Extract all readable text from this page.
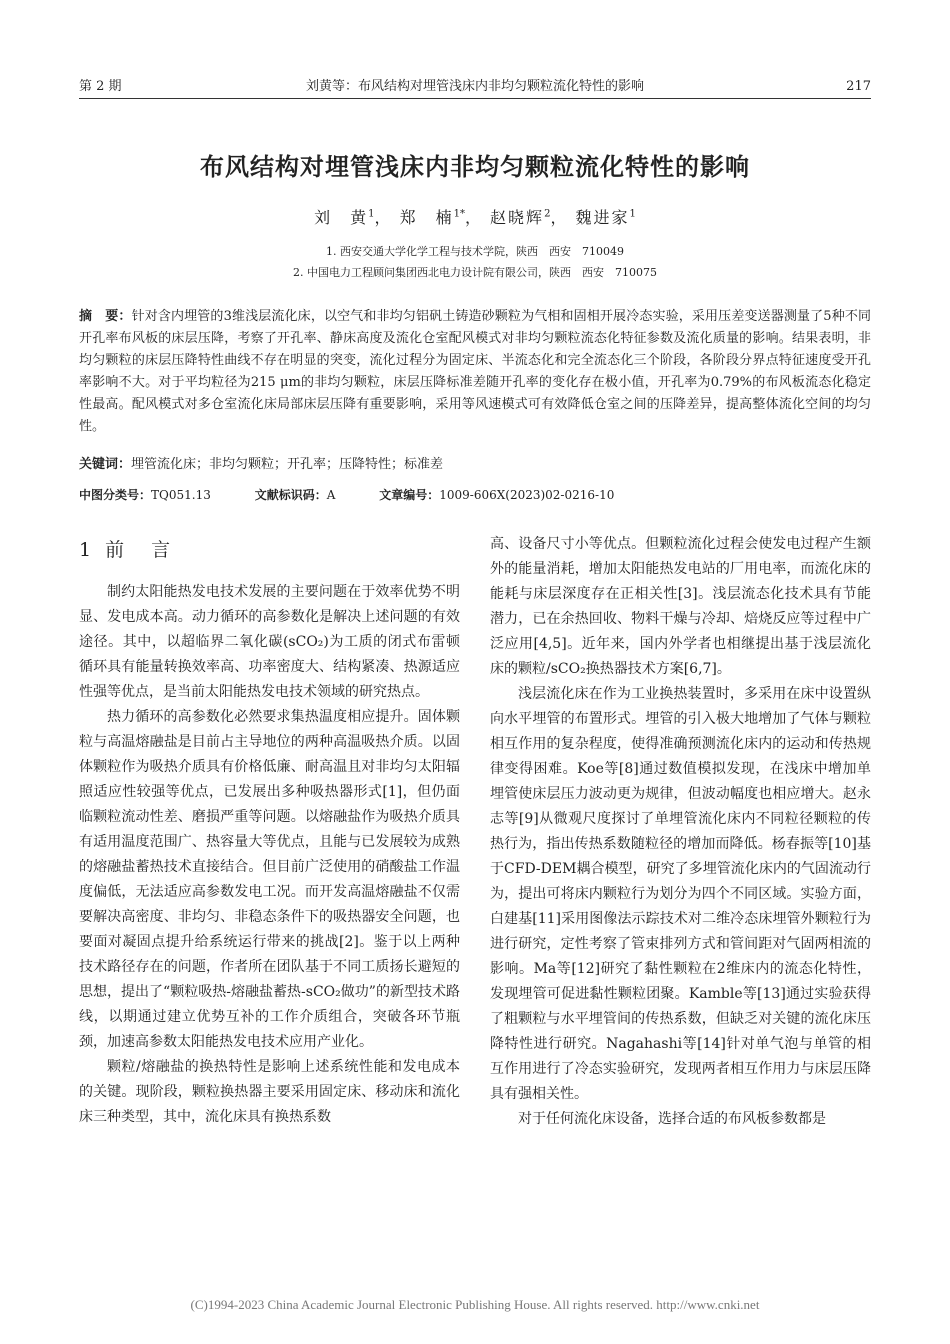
第 2 期	刘黄等：布风结构对埋管浅床内非均匀颗粒流化特性的影响	217
布风结构对埋管浅床内非均匀颗粒流化特性的影响
刘　黄$^1$， 郑　楠$^{1*}$， 赵晓辉$^2$， 魏进家$^1$
1. 西安交通大学化学工程与技术学院，陕西　西安　710049
2. 中国电力工程顾问集团西北电力设计院有限公司，陕西　西安　710075
摘　要：针对含内埋管的3维浅层流化床，以空气和非均匀铝矾土铸造砂颗粒为气相和固相开展冷态实验，采用压差变送器测量了5种不同开孔率布风板的床层压降，考察了开孔率、静床高度及流化仓室配风模式对非均匀颗粒流态化特征参数及流化质量的影响。结果表明，非均匀颗粒的床层压降特性曲线不存在明显的突变，流化过程分为固定床、半流态化和完全流态化三个阶段，各阶段分界点特征速度受开孔率影响不大。对于平均粒径为215 μm的非均匀颗粒，床层压降标准差随开孔率的变化存在极小值，开孔率为0.79%的布风板流态化稳定性最高。配风模式对多仓室流化床局部床层压降有重要影响，采用等风速模式可有效降低仓室之间的压降差异，提高整体流化空间的均匀性。
关键词：埋管流化床；非均匀颗粒；开孔率；压降特性；标准差
中图分类号：TQ051.13	文献标识码：A	文章编号：1009-606X(2023)02-0216-10
1 前　言

制约太阳能热发电技术发展的主要问题在于效率优势不明显、发电成本高。动力循环的高参数化是解决上述问题的有效途径。其中，以超临界二氧化碳(sCO₂)为工质的闭式布雷顿循环具有能量转换效率高、功率密度大、结构紧凑、热源适应性强等优点，是当前太阳能热发电技术领域的研究热点。

热力循环的高参数化必然要求集热温度相应提升。固体颗粒与高温熔融盐是目前占主导地位的两种高温吸热介质。以固体颗粒作为吸热介质具有价格低廉、耐高温且对非均匀太阳辐照适应性较强等优点，已发展出多种吸热器形式[1]，但仍面临颗粒流动性差、磨损严重等问题。以熔融盐作为吸热介质具有适用温度范围广、热容量大等优点，且能与已发展较为成熟的熔融盐蓄热技术直接结合。但目前广泛使用的硝酸盐工作温度偏低，无法适应高参数发电工况。而开发高温熔融盐不仅需要解决高密度、非均匀、非稳态条件下的吸热器安全问题，也要面对凝固点提升给系统运行带来的挑战[2]。鉴于以上两种技术路径存在的问题，作者所在团队基于不同工质扬长避短的思想，提出了“颗粒吸热-熔融盐蓄热-sCO₂做功”的新型技术路线，以期通过建立优势互补的工作介质组合，突破各环节瓶颈，加速高参数太阳能热发电技术应用产业化。

颗粒/熔融盐的换热特性是影响上述系统性能和发电成本的关键。现阶段，颗粒换热器主要采用固定床、移动床和流化床三种类型，其中，流化床具有换热系数

高、设备尺寸小等优点。但颗粒流化过程会使发电过程产生额外的能量消耗，增加太阳能热发电站的厂用电率，而流化床的能耗与床层深度存在正相关性[3]。浅层流态化技术具有节能潜力，已在余热回收、物料干燥与冷却、焙烧反应等过程中广泛应用[4,5]。近年来，国内外学者也相继提出基于浅层流化床的颗粒/sCO₂换热器技术方案[6,7]。

浅层流化床在作为工业换热装置时，多采用在床中设置纵向水平埋管的布置形式。埋管的引入极大地增加了气体与颗粒相互作用的复杂程度，使得准确预测流化床内的运动和传热规律变得困难。Koe等[8]通过数值模拟发现，在浅床中增加单埋管使床层压力波动更为规律，但波动幅度也相应增大。赵永志等[9]从微观尺度探讨了单埋管流化床内不同粒径颗粒的传热行为，指出传热系数随粒径的增加而降低。杨春振等[10]基于CFD-DEM耦合模型，研究了多埋管流化床内的气固流动行为，提出可将床内颗粒行为划分为四个不同区域。实验方面，白建基[11]采用图像法示踪技术对二维冷态床埋管外颗粒行为进行研究，定性考察了管束排列方式和管间距对气固两相流的影响。Ma等[12]研究了黏性颗粒在2维床内的流态化特性，发现埋管可促进黏性颗粒团聚。Kamble等[13]通过实验获得了粗颗粒与水平埋管间的传热系数，但缺乏对关键的流化床压降特性进行研究。Nagahashi等[14]针对单气泡与单管的相互作用进行了冷态实验研究，发现两者相互作用力与床层压降具有强相关性。

对于任何流化床设备，选择合适的布风板参数都是

(C)1994-2023 China Academic Journal Electronic Publishing House. All rights reserved. http://www.cnki.net
